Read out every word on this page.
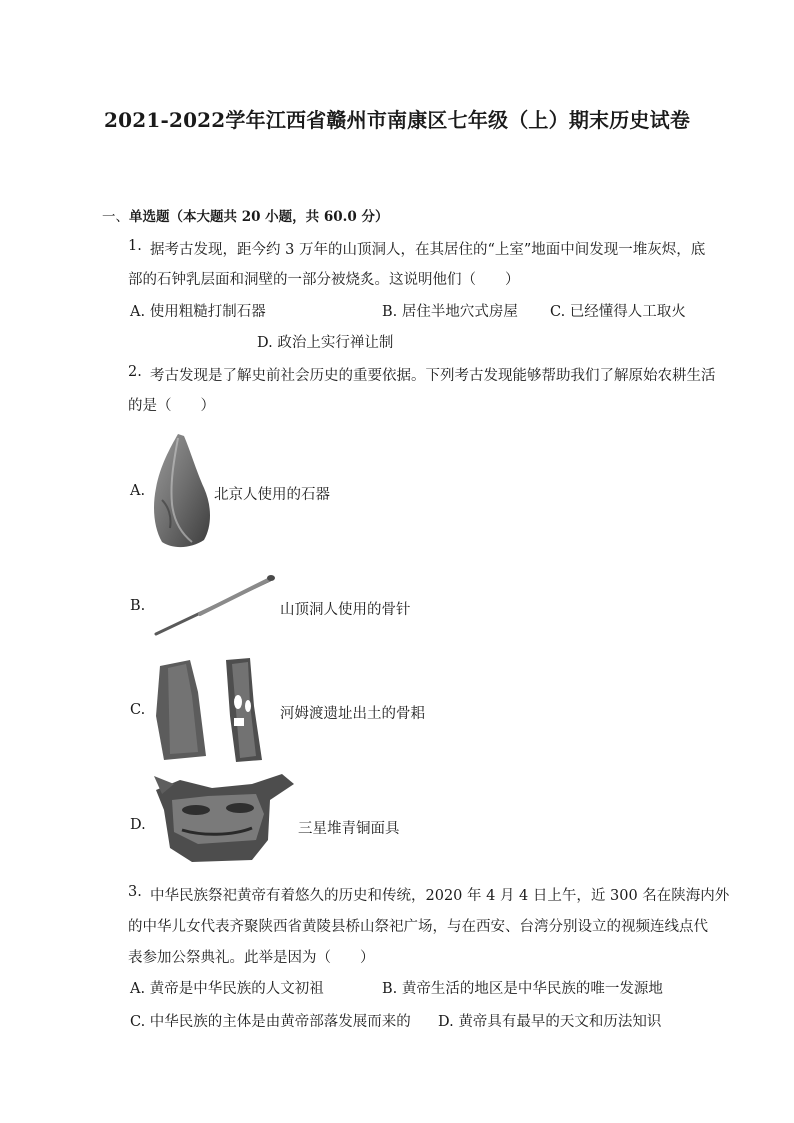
2021-2022学年江西省赣州市南康区七年级（上）期末历史试卷
一、单选题（本大题共 20 小题，共 60.0 分）
1. 据考古发现，距今约 3 万年的山顶洞人，在其居住的“上室”地面中间发现一堆灰烬，底
部的石钟乳层面和洞壁的一部分被烧炙。这说明他们（　　）
A. 使用粗糙打制石器	B. 居住半地穴式房屋 C. 已经懂得人工取火
D. 政治上实行禅让制
2. 考古发现是了解史前社会历史的重要依据。下列考古发现能够帮助我们了解原始农耕生活
的是（　　）
A.	北京人使用的石器
B.	山顶洞人使用的骨针
C.	河姆渡遗址出土的骨耜
D.	三星堆青铜面具
3. 中华民族祭祀黄帝有着悠久的历史和传统，2020 年 4 月 4 日上午，近 300 名在陕海内外
的中华儿女代表齐聚陕西省黄陵县桥山祭祀广场，与在西安、台湾分别设立的视频连线点代
表参加公祭典礼。此举是因为（　　）
A. 黄帝是中华民族的人文初祖	B. 黄帝生活的地区是中华民族的唯一发源地
C. 中华民族的主体是由黄帝部落发展而来的 D. 黄帝具有最早的天文和历法知识
